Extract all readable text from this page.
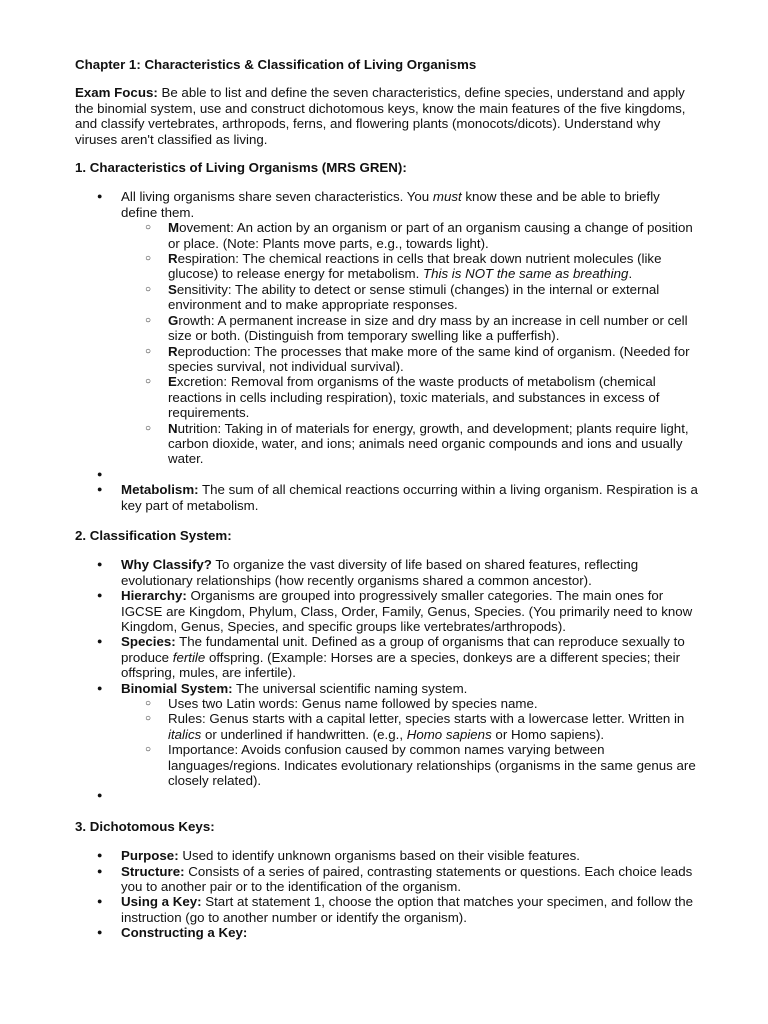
Chapter 1: Characteristics & Classification of Living Organisms

Exam Focus: Be able to list and define the seven characteristics, define species, understand and apply the binomial system, use and construct dichotomous keys, know the main features of the five kingdoms, and classify vertebrates, arthropods, ferns, and flowering plants (monocots/dicots). Understand why viruses aren't classified as living.

1. Characteristics of Living Organisms (MRS GREN):
● All living organisms share seven characteristics. You must know these and be able to briefly define them.
○ Movement: An action by an organism or part of an organism causing a change of position or place. (Note: Plants move parts, e.g., towards light).
○ Respiration: The chemical reactions in cells that break down nutrient molecules (like glucose) to release energy for metabolism. This is NOT the same as breathing.
○ Sensitivity: The ability to detect or sense stimuli (changes) in the internal or external environment and to make appropriate responses.
○ Growth: A permanent increase in size and dry mass by an increase in cell number or cell size or both. (Distinguish from temporary swelling like a pufferfish).
○ Reproduction: The processes that make more of the same kind of organism. (Needed for species survival, not individual survival).
○ Excretion: Removal from organisms of the waste products of metabolism (chemical reactions in cells including respiration), toxic materials, and substances in excess of requirements.
○ Nutrition: Taking in of materials for energy, growth, and development; plants require light, carbon dioxide, water, and ions; animals need organic compounds and ions and usually water.
●
● Metabolism: The sum of all chemical reactions occurring within a living organism. Respiration is a key part of metabolism.
2. Classification System:
● Why Classify? To organize the vast diversity of life based on shared features, reflecting evolutionary relationships (how recently organisms shared a common ancestor).
● Hierarchy: Organisms are grouped into progressively smaller categories. The main ones for IGCSE are Kingdom, Phylum, Class, Order, Family, Genus, Species. (You primarily need to know Kingdom, Genus, Species, and specific groups like vertebrates/arthropods).
● Species: The fundamental unit. Defined as a group of organisms that can reproduce sexually to produce fertile offspring. (Example: Horses are a species, donkeys are a different species; their offspring, mules, are infertile).
● Binomial System: The universal scientific naming system.
○ Uses two Latin words: Genus name followed by species name.
○ Rules: Genus starts with a capital letter, species starts with a lowercase letter. Written in italics or underlined if handwritten. (e.g., Homo sapiens or Homo sapiens).
○ Importance: Avoids confusion caused by common names varying between languages/regions. Indicates evolutionary relationships (organisms in the same genus are closely related).
●
3. Dichotomous Keys:
● Purpose: Used to identify unknown organisms based on their visible features.
● Structure: Consists of a series of paired, contrasting statements or questions. Each choice leads you to another pair or to the identification of the organism.
● Using a Key: Start at statement 1, choose the option that matches your specimen, and follow the instruction (go to another number or identify the organism).
● Constructing a Key:
